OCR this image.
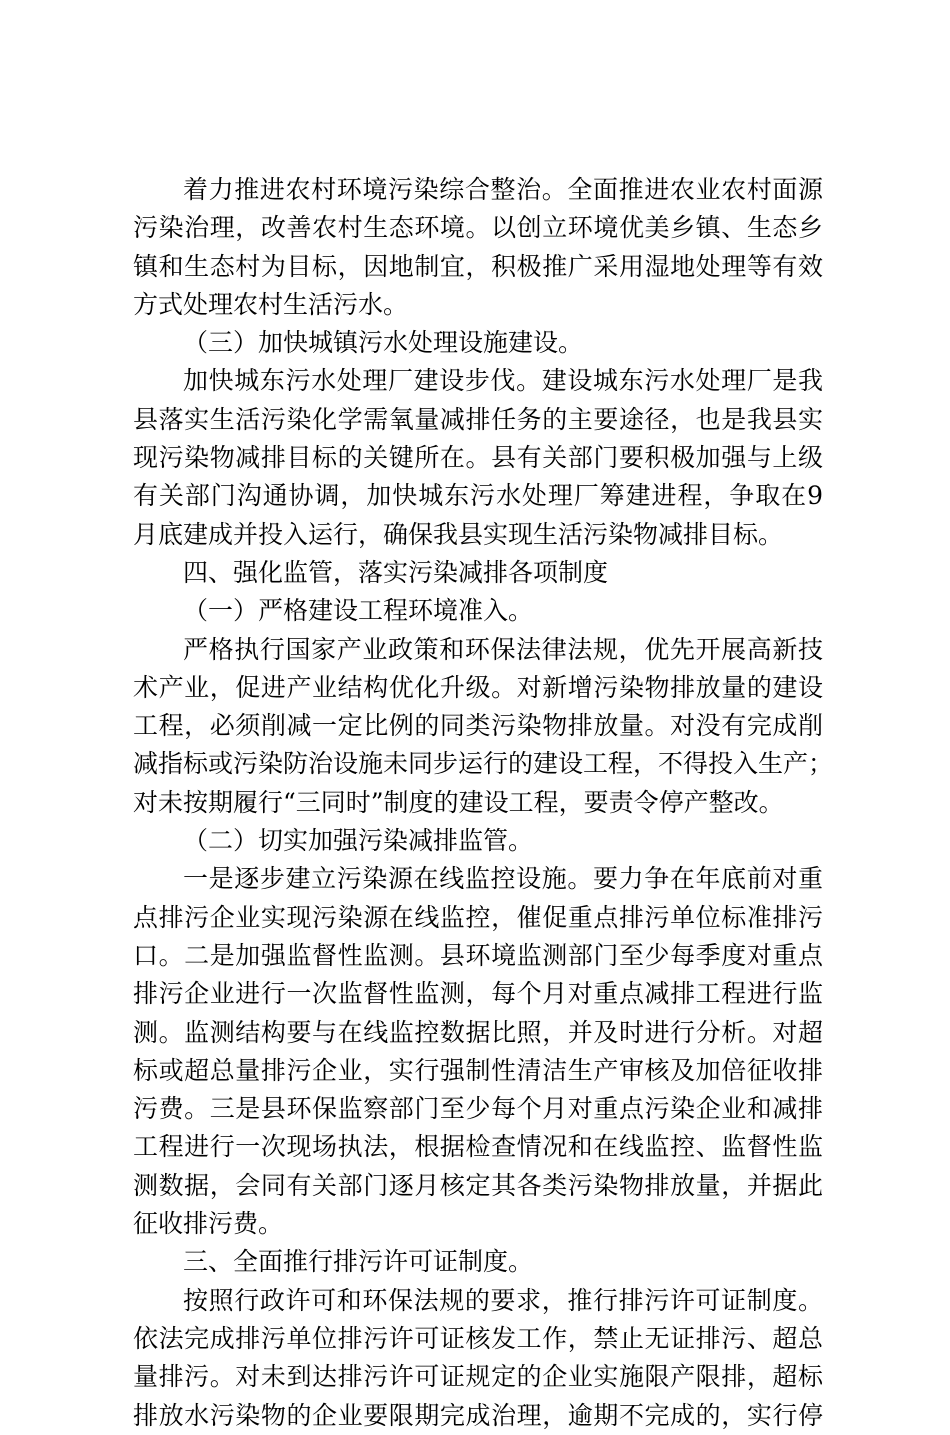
着力推进农村环境污染综合整治。全面推进农业农村面源
污染治理，改善农村生态环境。以创立环境优美乡镇、生态乡
镇和生态村为目标，因地制宜，积极推广采用湿地处理等有效
方式处理农村生活污水。
（三）加快城镇污水处理设施建设。
加快城东污水处理厂建设步伐。建设城东污水处理厂是我
县落实生活污染化学需氧量减排任务的主要途径，也是我县实
现污染物减排目标的关键所在。县有关部门要积极加强与上级
有关部门沟通协调，加快城东污水处理厂筹建进程，争取在9
月底建成并投入运行，确保我县实现生活污染物减排目标。
四、强化监管，落实污染减排各项制度
（一）严格建设工程环境准入。
严格执行国家产业政策和环保法律法规，优先开展高新技
术产业，促进产业结构优化升级。对新增污染物排放量的建设
工程，必须削减一定比例的同类污染物排放量。对没有完成削
减指标或污染防治设施未同步运行的建设工程，不得投入生产；
对未按期履行“三同时”制度的建设工程，要责令停产整改。
（二）切实加强污染减排监管。
一是逐步建立污染源在线监控设施。要力争在年底前对重
点排污企业实现污染源在线监控，催促重点排污单位标准排污
口。二是加强监督性监测。县环境监测部门至少每季度对重点
排污企业进行一次监督性监测，每个月对重点减排工程进行监
测。监测结构要与在线监控数据比照，并及时进行分析。对超
标或超总量排污企业，实行强制性清洁生产审核及加倍征收排
污费。三是县环保监察部门至少每个月对重点污染企业和减排
工程进行一次现场执法，根据检查情况和在线监控、监督性监
测数据，会同有关部门逐月核定其各类污染物排放量，并据此
征收排污费。
三、全面推行排污许可证制度。
按照行政许可和环保法规的要求，推行排污许可证制度。
依法完成排污单位排污许可证核发工作，禁止无证排污、超总
量排污。对未到达排污许可证规定的企业实施限产限排，超标
排放水污染物的企业要限期完成治理，逾期不完成的，实行停
